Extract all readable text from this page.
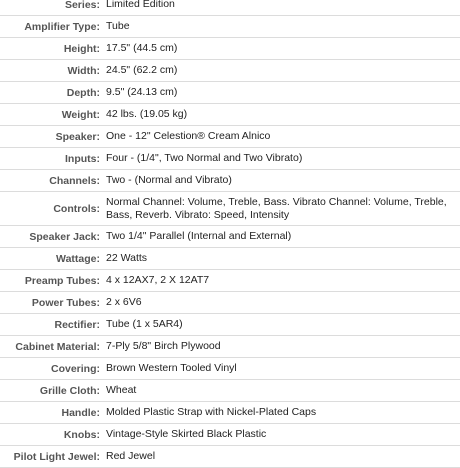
Series: Limited Edition
Amplifier Type: Tube
Height: 17.5" (44.5 cm)
Width: 24.5" (62.2 cm)
Depth: 9.5" (24.13 cm)
Weight: 42 lbs. (19.05 kg)
Speaker: One - 12" Celestion® Cream Alnico
Inputs: Four - (1/4", Two Normal and Two Vibrato)
Channels: Two - (Normal and Vibrato)
Controls:
Normal Channel: Volume, Treble, Bass. Vibrato Channel: Volume, Treble, Bass, Reverb. Vibrato: Speed, Intensity
Speaker Jack: Two 1/4" Parallel (Internal and External)
Wattage: 22 Watts
Preamp Tubes: 4 x 12AX7, 2 X 12AT7
Power Tubes: 2 x 6V6
Rectifier: Tube (1 x 5AR4)
Cabinet Material: 7-Ply 5/8" Birch Plywood
Covering: Brown Western Tooled Vinyl
Grille Cloth: Wheat
Handle: Molded Plastic Strap with Nickel-Plated Caps
Knobs: Vintage-Style Skirted Black Plastic
Pilot Light Jewel: Red Jewel
